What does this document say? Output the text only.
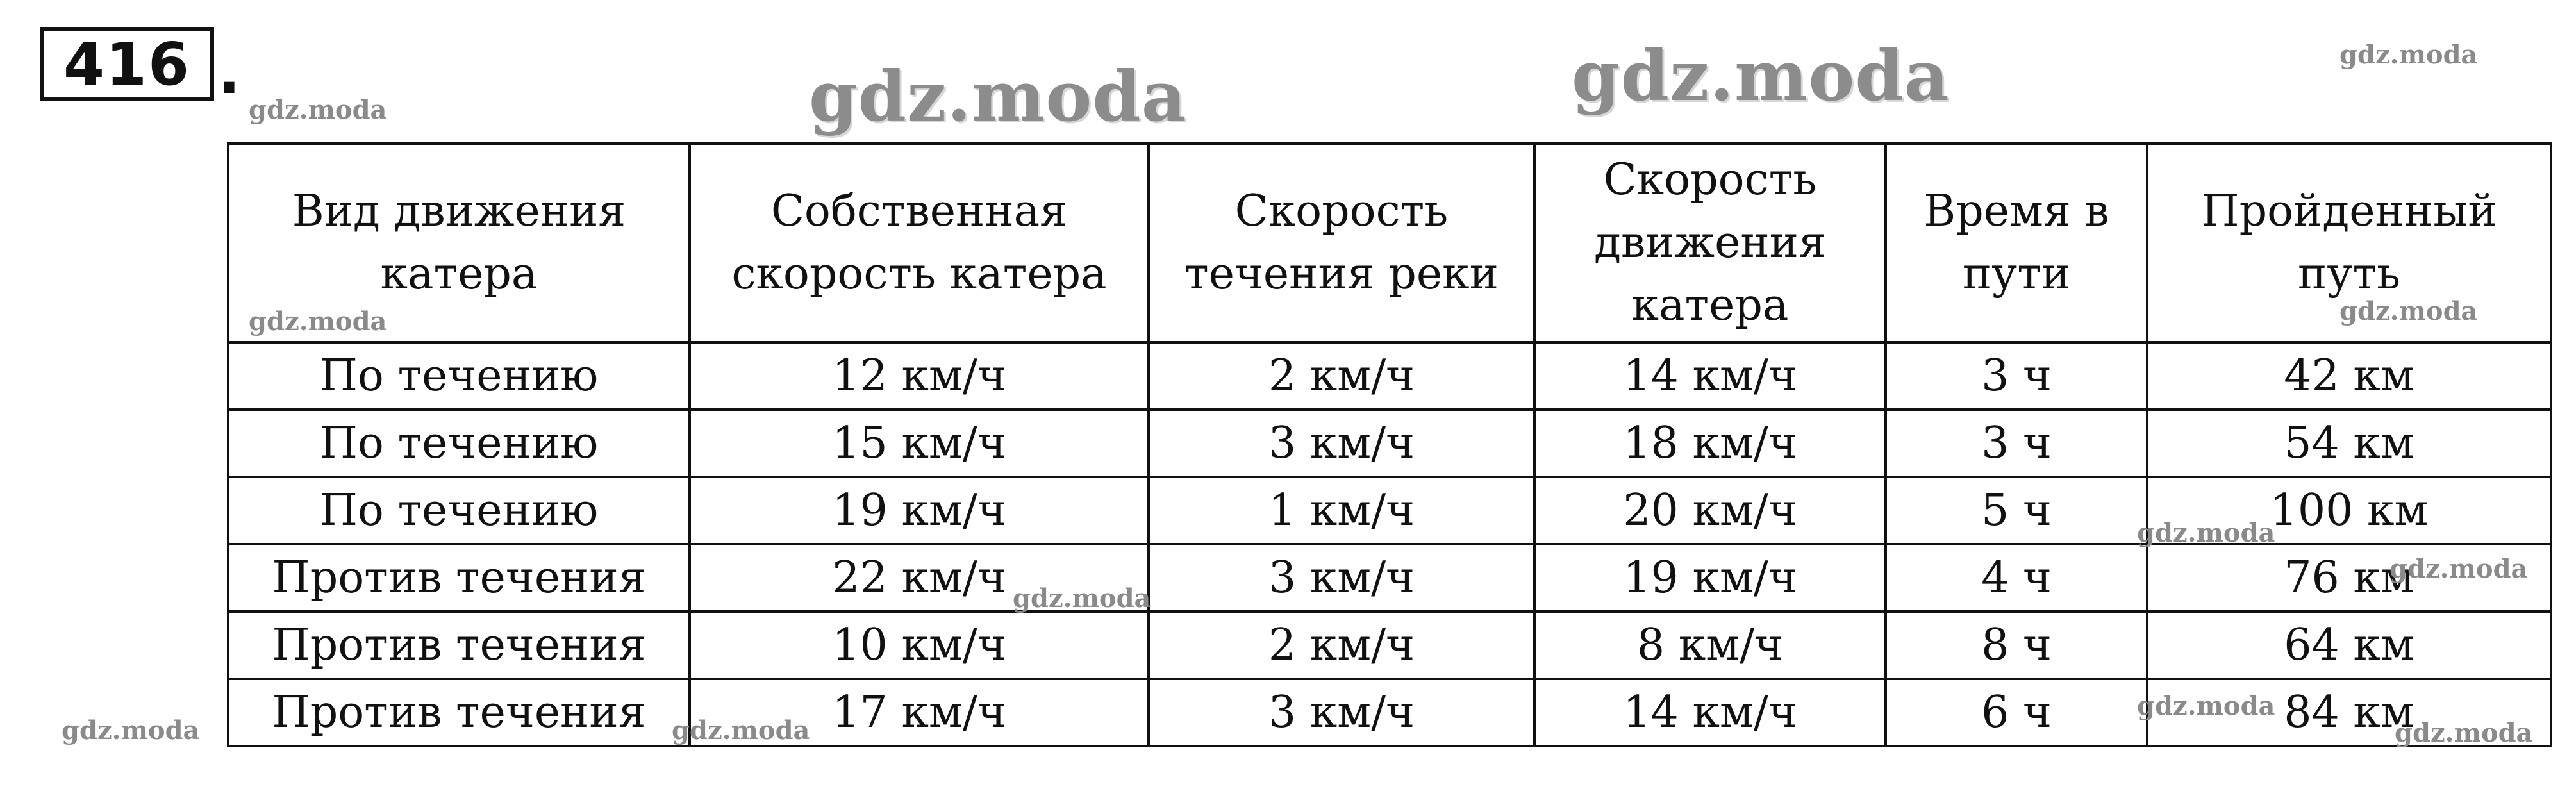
416 .	gdz.moda	gdz.moda
gdz.moda
gdz.moda
Вид движения катера	Собственная скорость катера	Скорость течения реки	Скорость движения катера	Время в пути	Пройденный путь
По течению	12 км/ч	2 км/ч	14 км/ч	3 ч	42 км
По течению	15 км/ч	3 км/ч	18 км/ч	3 ч	54 км
По течению	19 км/ч	1 км/ч	20 км/ч	5 ч	100 км
Против течения	22 км/ч	3 км/ч	19 км/ч	4 ч	76 км
Против течения	10 км/ч	2 км/ч	8 км/ч	8 ч	64 км
Против течения	17 км/ч	3 км/ч	14 км/ч	6 ч	84 км
gdz.moda	gdz.moda
gdz.moda
gdz.moda
gdz.moda
gdz.moda	gdz.moda
gdz.moda
gdz.moda
